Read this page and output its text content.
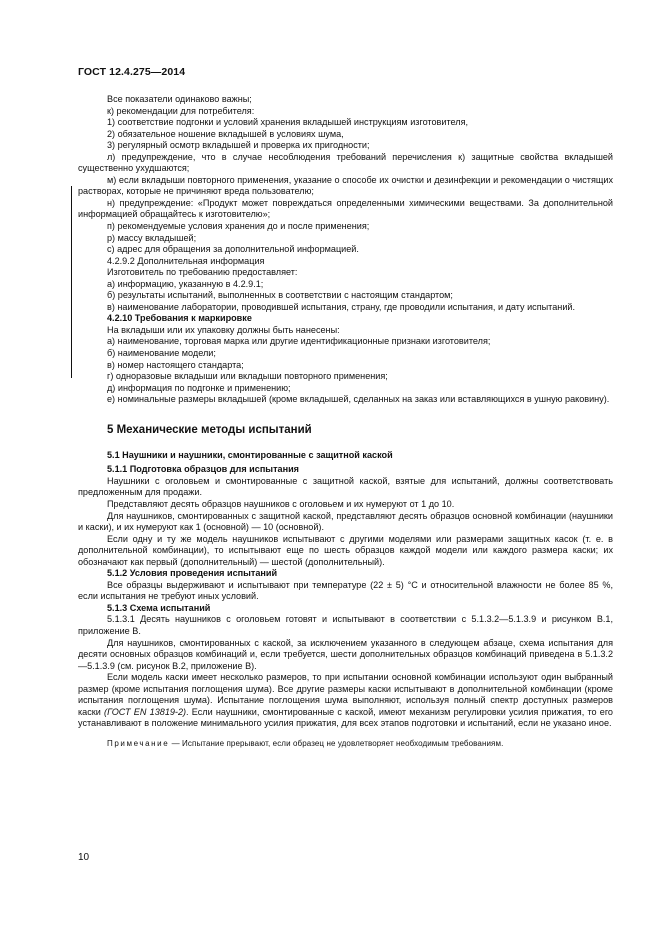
ГОСТ 12.4.275—2014

Все показатели одинаково важны;

к) рекомендации для потребителя:

1) соответствие подгонки и условий хранения вкладышей инструкциям изготовителя,

2) обязательное ношение вкладышей в условиях шума,

3) регулярный осмотр вкладышей и проверка их пригодности;

л) предупреждение, что в случае несоблюдения требований перечисления к) защитные свойства вкладышей существенно ухудшаются;

м) если вкладыши повторного применения, указание о способе их очистки и дезинфекции и рекомендации о чистящих растворах, которые не причиняют вреда пользователю;

н) предупреждение: «Продукт может повреждаться определенными химическими веществами. За дополнительной информацией обращайтесь к изготовителю»;

п) рекомендуемые условия хранения до и после применения;

р) массу вкладышей;

с) адрес для обращения за дополнительной информацией.

4.2.9.2 Дополнительная информация

Изготовитель по требованию предоставляет:

а) информацию, указанную в 4.2.9.1;

б) результаты испытаний, выполненных в соответствии с настоящим стандартом;

в) наименование лаборатории, проводившей испытания, страну, где проводили испытания, и дату испытаний.

4.2.10 Требования к маркировке

На вкладыши или их упаковку должны быть нанесены:

а) наименование, торговая марка или другие идентификационные признаки изготовителя;

б) наименование модели;

в) номер настоящего стандарта;

г) одноразовые вкладыши или вкладыши повторного применения;

д) информация по подгонке и применению;

е) номинальные размеры вкладышей (кроме вкладышей, сделанных на заказ или вставляющихся в ушную раковину).

5 Механические методы испытаний

5.1 Наушники и наушники, смонтированные с защитной каской

5.1.1 Подготовка образцов для испытания

Наушники с оголовьем и смонтированные с защитной каской, взятые для испытаний, должны соответствовать предложенным для продажи.

Представляют десять образцов наушников с оголовьем и их нумеруют от 1 до 10.

Для наушников, смонтированных с защитной каской, представляют десять образцов основной комбинации (наушники и каски), и их нумеруют как 1 (основной) — 10 (основной).

Если одну и ту же модель наушников испытывают с другими моделями или размерами защитных касок (т. е. в дополнительной комбинации), то испытывают еще по шесть образцов каждой модели или каждого размера каски; их обозначают как первый (дополнительный) — шестой (дополнительный).

5.1.2 Условия проведения испытаний

Все образцы выдерживают и испытывают при температуре (22 ± 5) °С и относительной влажности не более 85 %, если испытания не требуют иных условий.

5.1.3 Схема испытаний

5.1.3.1 Десять наушников с оголовьем готовят и испытывают в соответствии с 5.1.3.2—5.1.3.9 и рисунком В.1, приложение В.

Для наушников, смонтированных с каской, за исключением указанного в следующем абзаце, схема испытания для десяти основных образцов комбинаций и, если требуется, шести дополнительных образцов комбинаций приведена в 5.1.3.2—5.1.3.9 (см. рисунок В.2, приложение В).

Если модель каски имеет несколько размеров, то при испытании основной комбинации используют один выбранный размер (кроме испытания поглощения шума). Все другие размеры каски испытывают в дополнительной комбинации (кроме испытания поглощения шума). Испытание поглощения шума выполняют, используя полный спектр доступных размеров каски (ГОСТ EN 13819-2). Если наушники, смонтированные с каской, имеют механизм регулировки усилия прижатия, то его устанавливают в положение минимального усилия прижатия, для всех этапов подготовки и испытаний, если не указано иное.

Примечание — Испытание прерывают, если образец не удовлетворяет необходимым требованиям.

10
